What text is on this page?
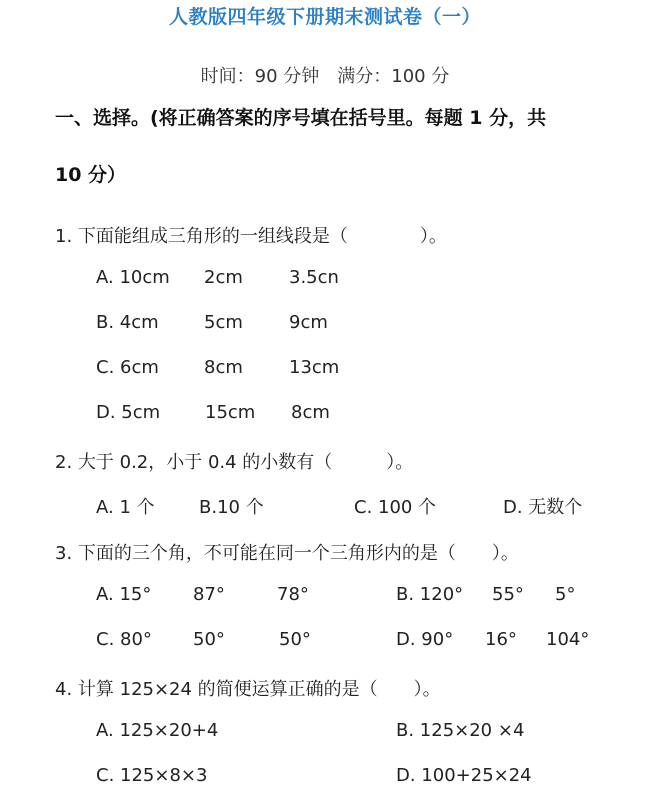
人教版四年级下册期末测试卷（一）
时间：90 分钟　满分：100 分
一、选择。(将正确答案的序号填在括号里。每题 1 分，共
10 分）
1. 下面能组成三角形的一组线段是（　　　　）。
A. 10cm 2cm	3.5cn
B. 4cm	5cm	9cm
C. 6cm	8cm	13cm
D. 5cm 15cm 8cm
2. 大于 0.2，小于 0.4 的小数有（　　　）。
A. 1 个 B.10 个	C. 100 个	D. 无数个
3. 下面的三个角，不可能在同一个三角形内的是（　　）。
A. 15° 87°	78°	B. 120° 55° 5°
C. 80° 50°	50°	D. 90° 16° 104°
4. 计算 125×24 的简便运算正确的是（　　）。
A. 125×20+4	B. 125×20 ×4
C. 125×8×3	D. 100+25×24
